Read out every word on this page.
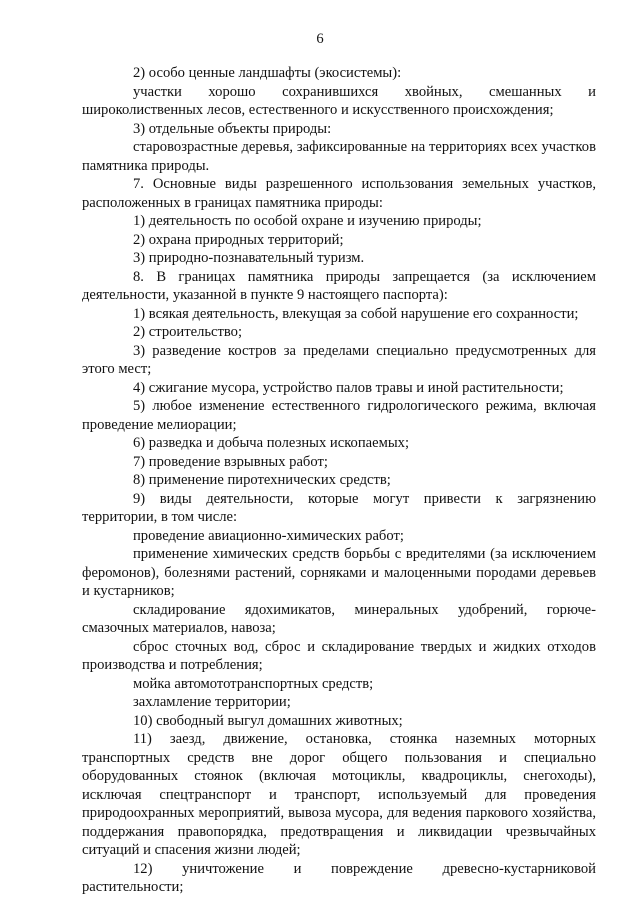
6

2) особо ценные ландшафты (экосистемы):

участки хорошо сохранившихся хвойных, смешанных и широколиственных лесов, естественного и искусственного происхождения;

3) отдельные объекты природы:

старовозрастные деревья, зафиксированные на территориях всех участков памятника природы.

7. Основные виды разрешенного использования земельных участков, расположенных в границах памятника природы:

1) деятельность по особой охране и изучению природы;

2) охрана природных территорий;

3) природно-познавательный туризм.

8. В границах памятника природы запрещается (за исключением деятельности, указанной в пункте 9 настоящего паспорта):

1) всякая деятельность, влекущая за собой нарушение его сохранности;

2) строительство;

3) разведение костров за пределами специально предусмотренных для этого мест;

4) сжигание мусора, устройство палов травы и иной растительности;

5) любое изменение естественного гидрологического режима, включая проведение мелиорации;

6) разведка и добыча полезных ископаемых;

7) проведение взрывных работ;

8) применение пиротехнических средств;

9) виды деятельности, которые могут привести к загрязнению территории, в том числе:

проведение авиационно-химических работ;

применение химических средств борьбы с вредителями (за исключением феромонов), болезнями растений, сорняками и малоценными породами деревьев и кустарников;

складирование ядохимикатов, минеральных удобрений, горюче-смазочных материалов, навоза;

сброс сточных вод, сброс и складирование твердых и жидких отходов производства и потребления;

мойка автомототранспортных средств;

захламление территории;

10) свободный выгул домашних животных;

11) заезд, движение, остановка, стоянка наземных моторных транспортных средств вне дорог общего пользования и специально оборудованных стоянок (включая мотоциклы, квадроциклы, снегоходы), исключая спецтранспорт и транспорт, используемый для проведения природоохранных мероприятий, вывоза мусора, для ведения паркового хозяйства, поддержания правопорядка, предотвращения и ликвидации чрезвычайных ситуаций и спасения жизни людей;

12) уничтожение и повреждение древесно-кустарниковой растительности;
